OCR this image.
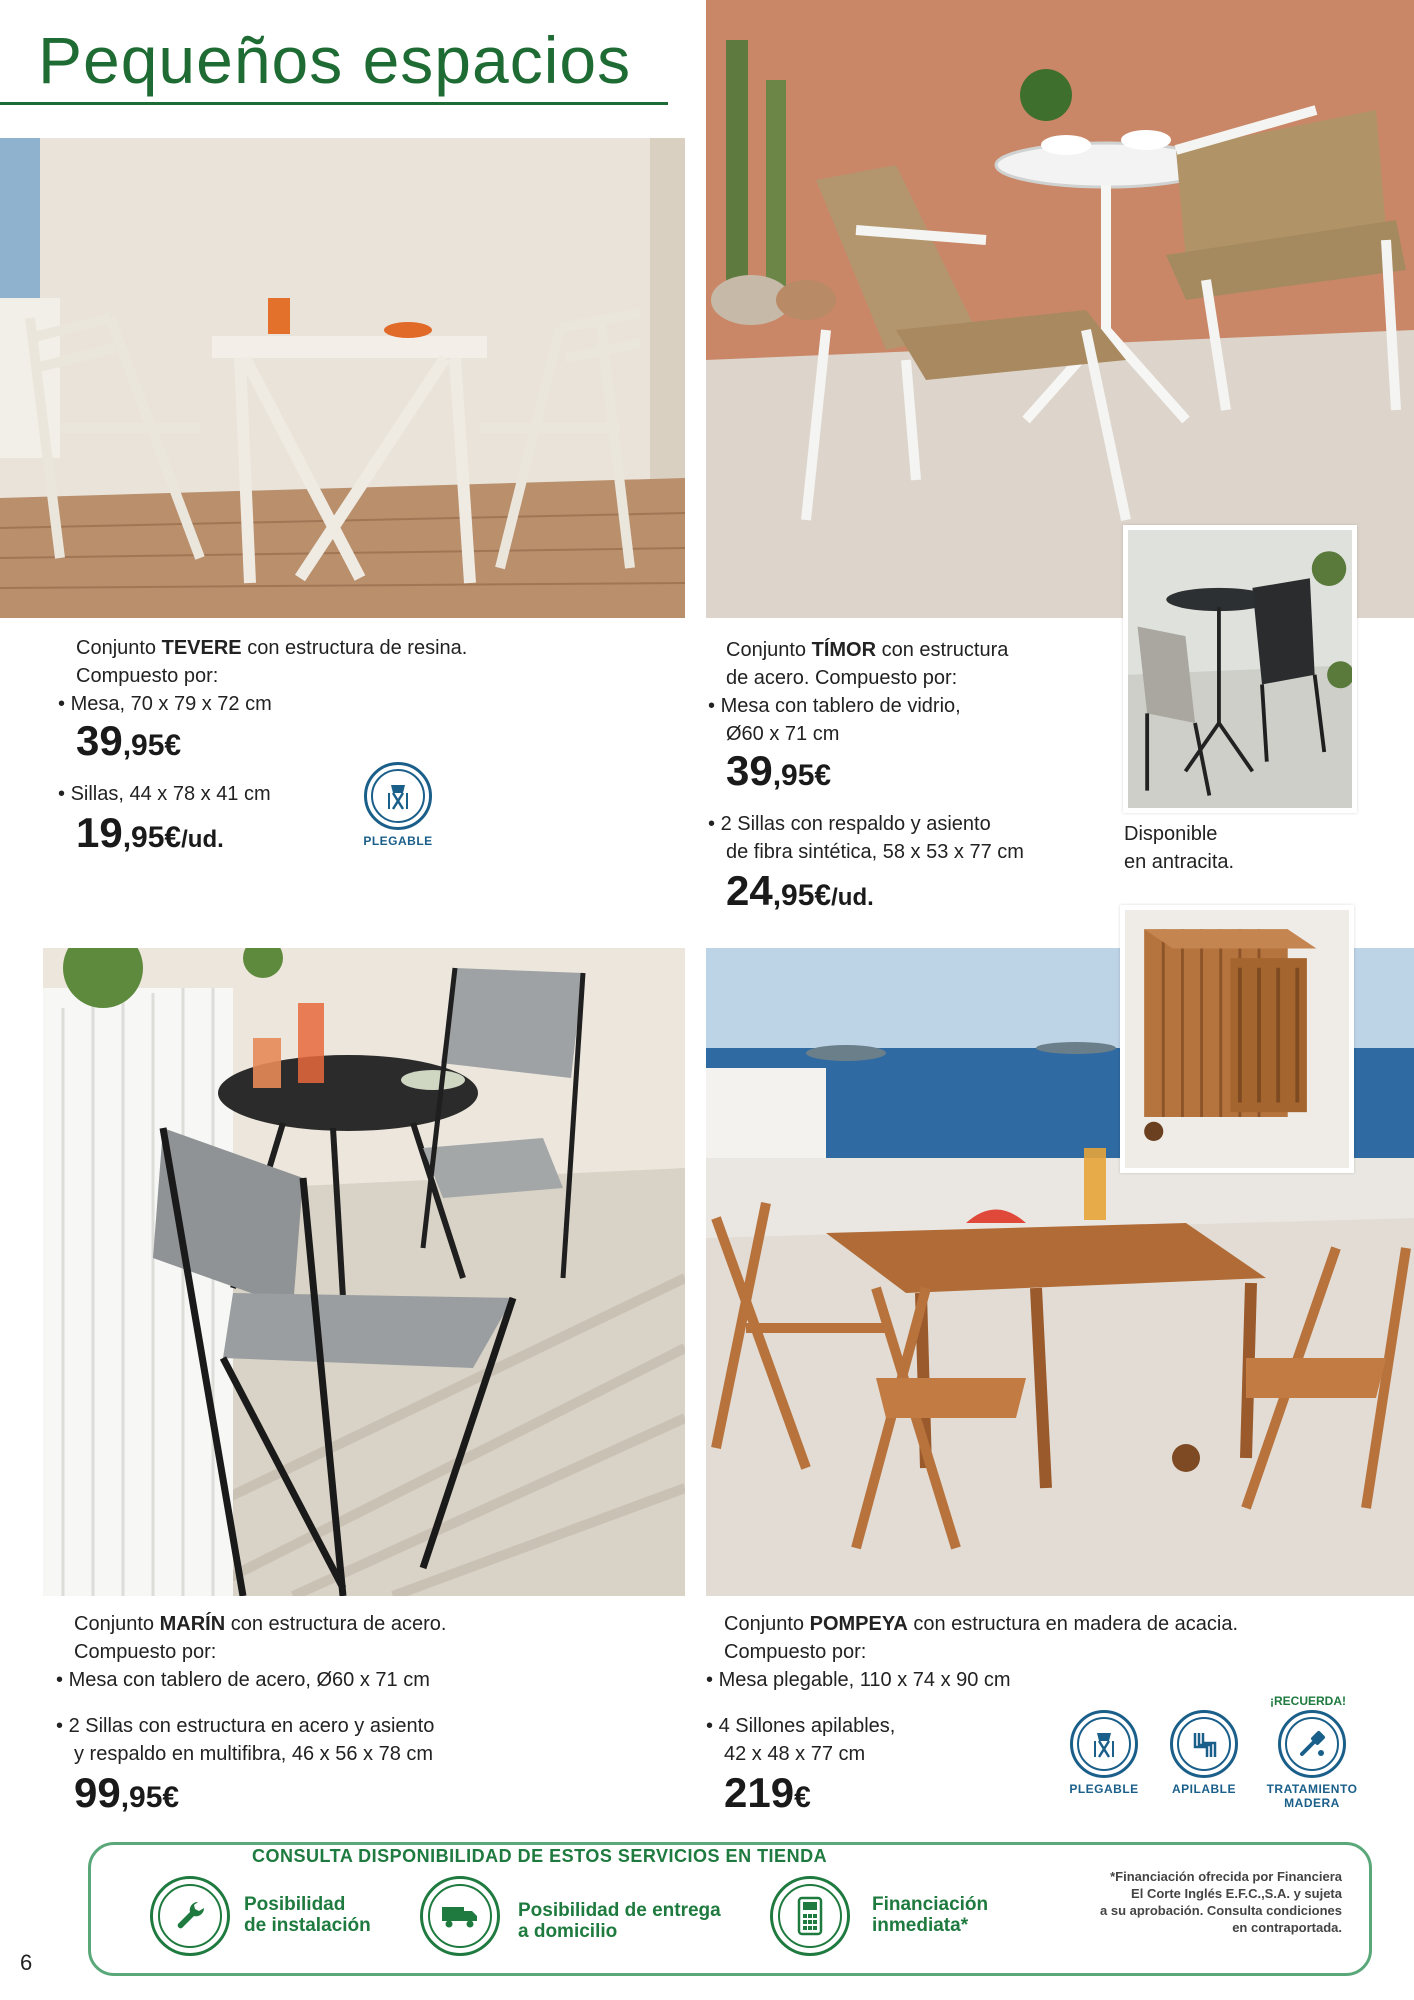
Pequeños espacios
Conjunto TEVERE con estructura de resina.
Compuesto por:
• Mesa, 70 x 79 x 72 cm
39,95€
• Sillas, 44 x 78 x 41 cm
19,95€/ud.	PLEGABLE
Conjunto TÍMOR con estructura
de acero. Compuesto por:
• Mesa con tablero de vidrio,
Ø60 x 71 cm
39,95€
• 2 Sillas con respaldo y asiento
de fibra sintética, 58 x 53 x 77 cm
24,95€/ud.
Disponible
en antracita.
Conjunto MARÍN con estructura de acero.
Compuesto por:
• Mesa con tablero de acero, Ø60 x 71 cm
• 2 Sillas con estructura en acero y asiento
y respaldo en multifibra, 46 x 56 x 78 cm
99,95€
Conjunto POMPEYA con estructura en madera de acacia.
Compuesto por:
• Mesa plegable, 110 x 74 x 90 cm
• 4 Sillones apilables,
42 x 48 x 77 cm
219€
¡RECUERDA!
PLEGABLE	APILABLE	TRATAMIENTO
MADERA
CONSULTA DISPONIBILIDAD DE ESTOS SERVICIOS EN TIENDA
Posibilidad
de instalación
Posibilidad de entrega
a domicilio
Financiación
inmediata*
*Financiación ofrecida por Financiera
El Corte Inglés E.F.C.,S.A. y sujeta
a su aprobación. Consulta condiciones
en contraportada.
6
